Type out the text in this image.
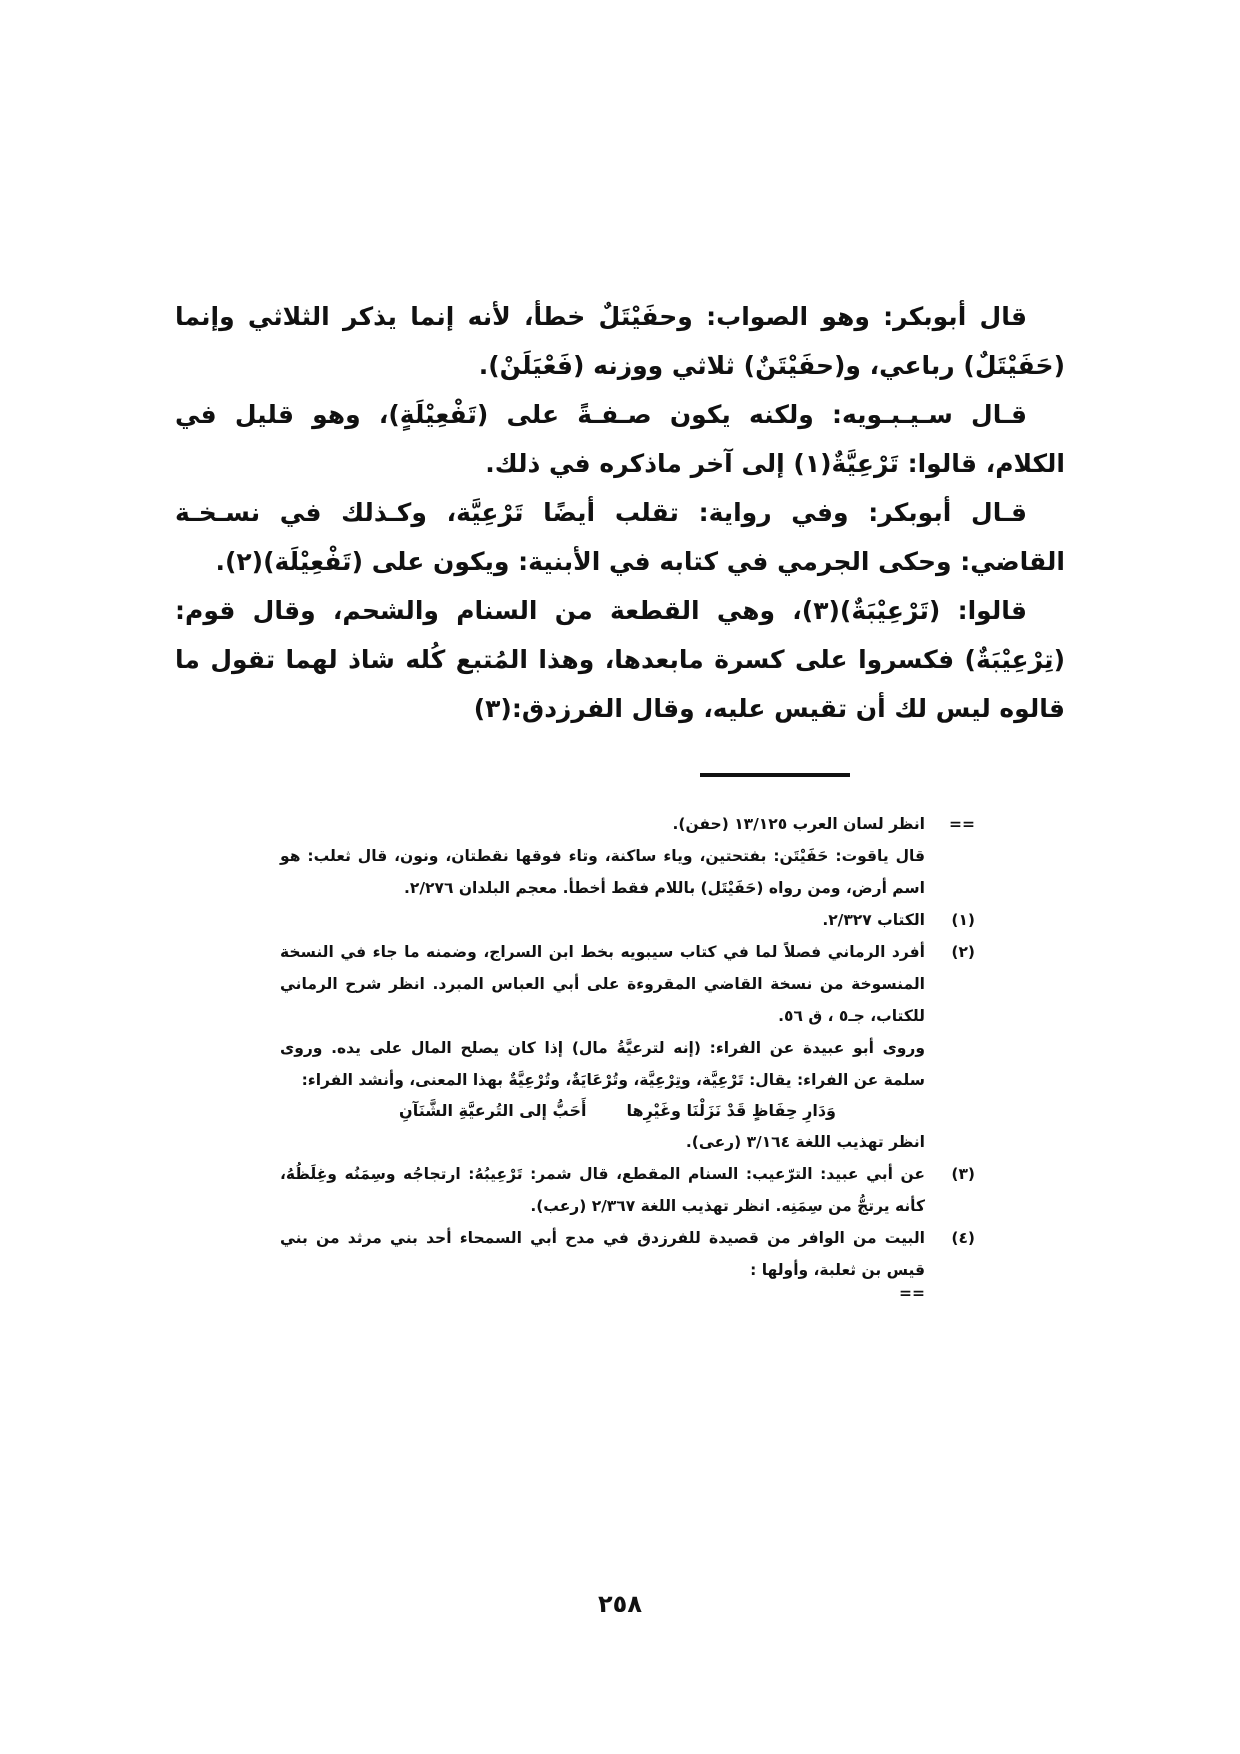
قال أبوبكر: وهو الصواب: وحفَيْتَلٌ خطأ، لأنه إنما يذكر الثلاثي وإنما (حَفَيْتَلٌ) رباعي، و(حفَيْتَنٌ) ثلاثي ووزنه (فَعْيَلَنْ).

قـال سـيـبـويه: ولكنه يكون صـفـةً على (تَفْعِيْلَةٍ)، وهو قليل في الكلام، قالوا: تَرْعِيَّةٌ(١) إلى آخر ماذكره في ذلك.

قـال أبوبكر: وفي رواية: تقلب أيضًا تَرْعِيَّة، وكـذلك في نسـخـة القاضي: وحكى الجرمي في كتابه في الأبنية: ويكون على (تَفْعِيْلَة)(٢).

قالوا: (تَرْعِيْبَةٌ)(٣)، وهي القطعة من السنام والشحم، وقال قوم: (تِرْعِيْبَةٌ) فكسروا على كسرة مابعدها، وهذا المُتبع كُله شاذ لهما تقول ما قالوه ليس لك أن تقيس عليه، وقال الفرزدق:(٣)

==

انظر لسان العرب ١٣/١٢٥ (حفن).

قال ياقوت: حَفَيْتَن: بفتحتين، وياء ساكنة، وتاء فوقها نقطتان، ونون، قال ثعلب: هو اسم أرض، ومن رواه (حَفَيْتَل) باللام فقط أخطأ. معجم البلدان ٢/٢٧٦.

(١)

الكتاب ٢/٣٢٧.

(٢)

أفرد الرماني فصلاً لما في كتاب سيبويه بخط ابن السراج، وضمنه ما جاء في النسخة المنسوخة من نسخة القاضي المقروءة على أبي العباس المبرد. انظر شرح الرماني للكتاب، جـ٥ ، ق ٥٦.

وروى أبو عبيدة عن الفراء: (إنه لترعيَّةُ مال) إذا كان يصلح المال على يده. وروى سلمة عن الفراء: يقال: تَرْعِيَّة، وتِرْعِيَّة، وتُرْعَايَةٌ، وتُرْعِيَّةٌ بهذا المعنى، وأنشد الفراء:

وَدَارِ حِفَاظٍ قَدْ نَزَلْنَا وغَيْرِها
أَحَبُّ إلى التُرعيَّةِ الشَّنَآنِ

انظر تهذيب اللغة ٣/١٦٤ (رعى).

(٣)

عن أبي عبيد: الترّعيب: السنام المقطع، قال شمر: تَرْعِيبُهُ: ارتجاجُه وسِمَنُه وغِلَظُهُ، كأنه يرتجُّ من سِمَنِه. انظر تهذيب اللغة ٢/٣٦٧ (رعب).

(٤)

البيت من الوافر من قصيدة للفرزدق في مدح أبي السمحاء أحد بني مرثد من بني قيس بن ثعلبة، وأولها :

==
٢٥٨
